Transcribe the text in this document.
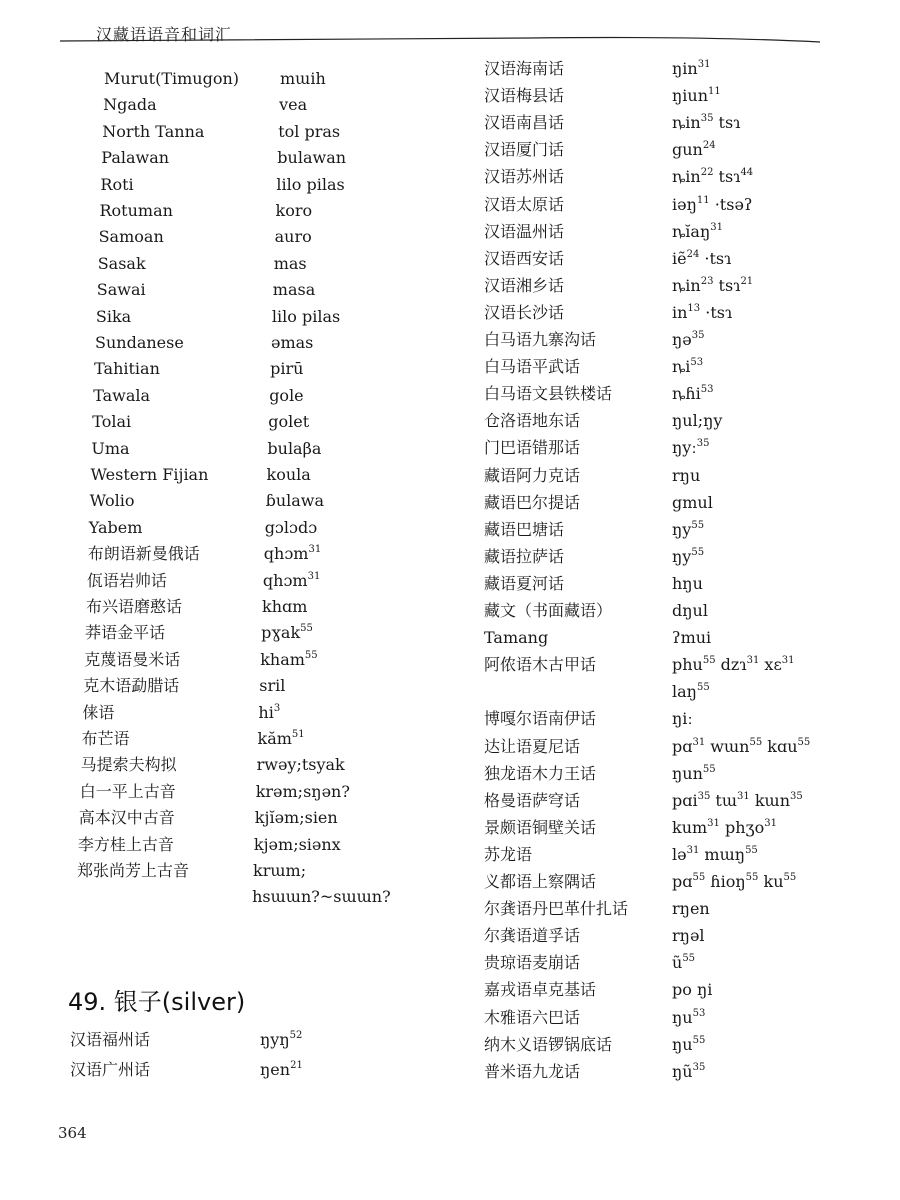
汉藏语语音和词汇
Murut(Timugon)	mɯih
Ngada	vea
North Tanna	tol pras
Palawan	bulawan
Roti	lilo pilas
Rotuman	koro
Samoan	auro
Sasak	mas
Sawai	masa
Sika	lilo pilas
Sundanese	əmas
Tahitian	pirū
Tawala	gole
Tolai	golet
Uma	bulaβa
Western Fijian	koula
Wolio	ɓulawa
Yabem	gɔlɔdɔ
布朗语新曼俄话	qhɔm$^{31}$
佤语岩帅话	qhɔm$^{31}$
布兴语磨憨话	khɑm
莽语金平话	pɣak$^{55}$
克蔑语曼米话	kham$^{55}$
克木语勐腊话	sril
俫语	$hi^3$
布芒语	kăm$^{51}$
马提索夫构拟	rwəy;tsyak
白一平上古音	krəm;sŋən?
高本汉中古音	kjĭəm;sien
李方桂上古音	kjəm;siənx
郑张尚芳上古音	krɯm;
hsɯɯn?~sɯɯn?
汉语海南话	ŋin$^{31}$
汉语梅县话	ŋiun$^{11}$
汉语南昌话	ȵin$^{35}$ tsɿ
汉语厦门话	gun$^{24}$
汉语苏州话	ȵin$^{22}$ tsɿ$^{44}$
汉语太原话	iəŋ$^{11}$ ·tsəʔ
汉语温州话	ȵĭaŋ$^{31}$
汉语西安话	iẽ$^{24}$ ·tsɿ
汉语湘乡话	ȵin$^{23}$ tsɿ$^{21}$
汉语长沙话	$in^{13}$ ·tsɿ
白马语九寨沟话	ŋə$^{35}$
白马语平武话	$ȵi^{53}$
白马语文县铁楼话	ȵɦi$^{53}$
仓洛语地东话	ŋul;ŋy
门巴语错那话	ŋyː$^{35}$
藏语阿力克话	rŋu
藏语巴尔提话	gmul
藏语巴塘话	$ŋy^{55}$
藏语拉萨话	$ŋy^{55}$
藏语夏河话	hŋu
藏文（书面藏语）	dŋul
Tamang	ʔmui
阿侬语木古甲话	phu$^{55}$ dzɿ$^{31}$ xɛ$^{31}$
laŋ$^{55}$
博嘎尔语南伊话	ŋiː
达让语夏尼话	pɑ$^{31}$ wɯn$^{55}$ kɑu$^{55}$
独龙语木力王话	ŋun$^{55}$
格曼语萨穹话	pɑi$^{35}$ tɯ$^{31}$ kɯn$^{35}$
景颇语铜壁关话	kum$^{31}$ phʒo$^{31}$
苏龙语	lə$^{31}$ mɯŋ$^{55}$
义都语上察隅话	pɑ$^{55}$ ɦioŋ$^{55}$ $ku^{55}$
尔龚语丹巴革什扎话	rŋen
尔龚语道孚话	rŋəl
贵琼语麦崩话	$ũ^{55}$
嘉戎语卓克基话	po ŋi
木雅语六巴话	$ŋu^{53}$
纳木义语锣锅底话	$ŋu^{55}$
普米语九龙话	$ŋũ^{35}$
49. 银子(silver)
汉语福州话	ŋyŋ$^{52}$
汉语广州话	ŋen$^{21}$
364
